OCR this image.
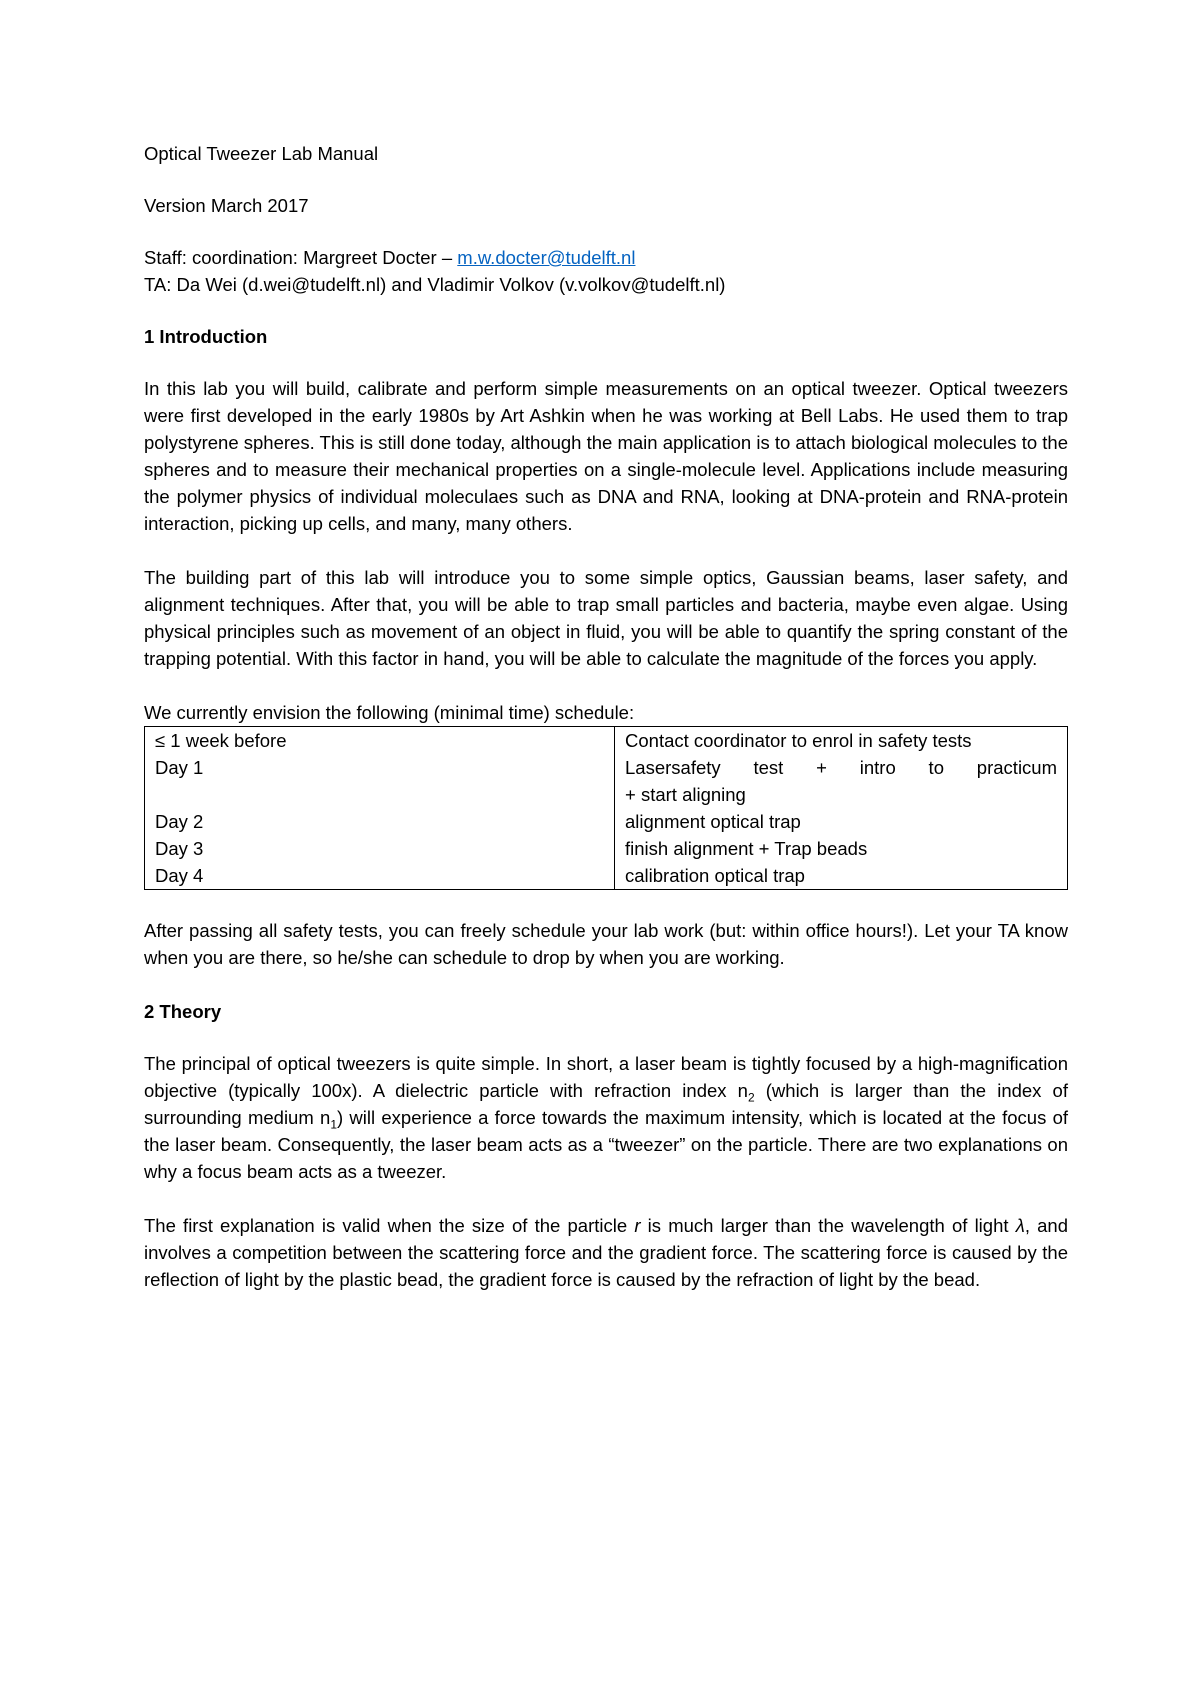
Optical Tweezer Lab Manual

Version March 2017

Staff: coordination: Margreet Docter – m.w.docter@tudelft.nl

TA: Da Wei (d.wei@tudelft.nl) and Vladimir Volkov (v.volkov@tudelft.nl)

1 Introduction

In this lab you will build, calibrate and perform simple measurements on an optical tweezer. Optical tweezers were first developed in the early 1980s by Art Ashkin when he was working at Bell Labs. He used them to trap polystyrene spheres. This is still done today, although the main application is to attach biological molecules to the spheres and to measure their mechanical properties on a single-molecule level. Applications include measuring the polymer physics of individual moleculaes such as DNA and RNA, looking at DNA-protein and RNA-protein interaction, picking up cells, and many, many others.

The building part of this lab will introduce you to some simple optics, Gaussian beams, laser safety, and alignment techniques. After that, you will be able to trap small particles and bacteria, maybe even algae. Using physical principles such as movement of an object in fluid, you will be able to quantify the spring constant of the trapping potential. With this factor in hand, you will be able to calculate the magnitude of the forces you apply.

We currently envision the following (minimal time) schedule:

≤ 1 week before	Contact coordinator to enrol in safety tests
Day 1	Lasersafety test + intro to practicum
+ start aligning

Day 2	alignment optical trap
Day 3	finish alignment + Trap beads
Day 4	calibration optical trap

After passing all safety tests, you can freely schedule your lab work (but: within office hours!). Let your TA know when you are there, so he/she can schedule to drop by when you are working.

2 Theory

The principal of optical tweezers is quite simple. In short, a laser beam is tightly focused by a high-magnification objective (typically 100x). A dielectric particle with refraction index $n_2$ (which is larger than the index of surrounding medium $n_1$) will experience a force towards the maximum intensity, which is located at the focus of the laser beam. Consequently, the laser beam acts as a “tweezer” on the particle. There are two explanations on why a focus beam acts as a tweezer.

The first explanation is valid when the size of the particle r is much larger than the wavelength of light λ, and involves a competition between the scattering force and the gradient force. The scattering force is caused by the reflection of light by the plastic bead, the gradient force is caused by the refraction of light by the bead.
